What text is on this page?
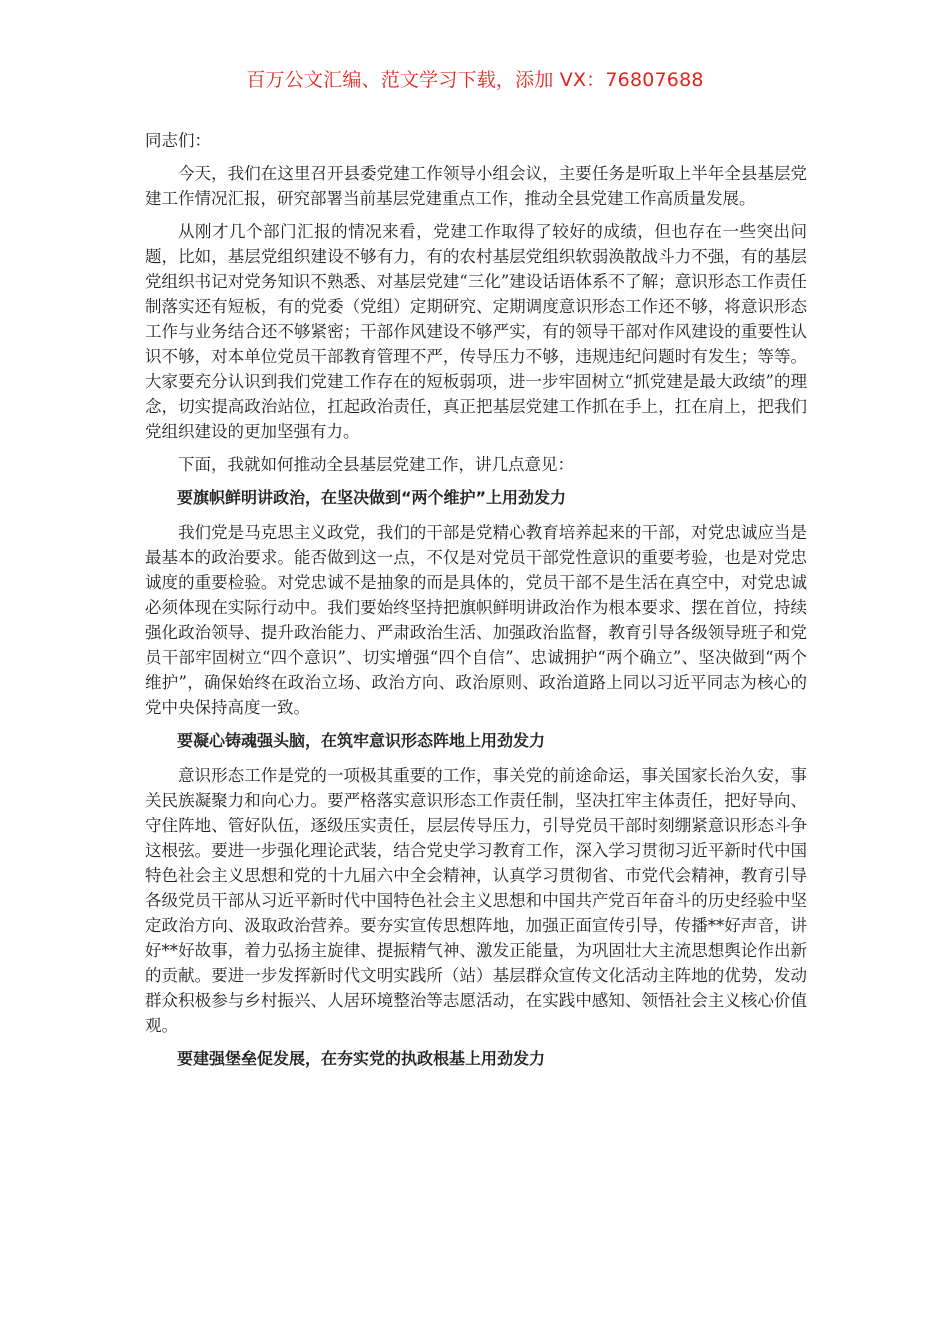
百万公文汇编、范文学习下载，添加 VX：76807688

同志们：

今天，我们在这里召开县委党建工作领导小组会议，主要任务是听取上半年全县基层党建工作情况汇报，研究部署当前基层党建重点工作，推动全县党建工作高质量发展。

从刚才几个部门汇报的情况来看，党建工作取得了较好的成绩，但也存在一些突出问题，比如，基层党组织建设不够有力，有的农村基层党组织软弱涣散战斗力不强，有的基层党组织书记对党务知识不熟悉、对基层党建“三化”建设话语体系不了解；意识形态工作责任制落实还有短板，有的党委（党组）定期研究、定期调度意识形态工作还不够，将意识形态工作与业务结合还不够紧密；干部作风建设不够严实，有的领导干部对作风建设的重要性认识不够，对本单位党员干部教育管理不严，传导压力不够，违规违纪问题时有发生；等等。大家要充分认识到我们党建工作存在的短板弱项，进一步牢固树立“抓党建是最大政绩”的理念，切实提高政治站位，扛起政治责任，真正把基层党建工作抓在手上，扛在肩上，把我们党组织建设的更加坚强有力。

下面，我就如何推动全县基层党建工作，讲几点意见：

要旗帜鲜明讲政治，在坚决做到“两个维护”上用劲发力

我们党是马克思主义政党，我们的干部是党精心教育培养起来的干部，对党忠诚应当是最基本的政治要求。能否做到这一点，不仅是对党员干部党性意识的重要考验，也是对党忠诚度的重要检验。对党忠诚不是抽象的而是具体的，党员干部不是生活在真空中，对党忠诚必须体现在实际行动中。我们要始终坚持把旗帜鲜明讲政治作为根本要求、摆在首位，持续强化政治领导、提升政治能力、严肃政治生活、加强政治监督，教育引导各级领导班子和党员干部牢固树立“四个意识”、切实增强“四个自信”、忠诚拥护“两个确立”、坚决做到“两个维护”，确保始终在政治立场、政治方向、政治原则、政治道路上同以习近平同志为核心的党中央保持高度一致。

要凝心铸魂强头脑，在筑牢意识形态阵地上用劲发力

意识形态工作是党的一项极其重要的工作，事关党的前途命运，事关国家长治久安，事关民族凝聚力和向心力。要严格落实意识形态工作责任制，坚决扛牢主体责任，把好导向、守住阵地、管好队伍，逐级压实责任，层层传导压力，引导党员干部时刻绷紧意识形态斗争这根弦。要进一步强化理论武装，结合党史学习教育工作，深入学习贯彻习近平新时代中国特色社会主义思想和党的十九届六中全会精神，认真学习贯彻省、市党代会精神，教育引导各级党员干部从习近平新时代中国特色社会主义思想和中国共产党百年奋斗的历史经验中坚定政治方向、汲取政治营养。要夯实宣传思想阵地，加强正面宣传引导，传播**好声音，讲好**好故事，着力弘扬主旋律、提振精气神、激发正能量，为巩固壮大主流思想舆论作出新的贡献。要进一步发挥新时代文明实践所（站）基层群众宣传文化活动主阵地的优势，发动群众积极参与乡村振兴、人居环境整治等志愿活动，在实践中感知、领悟社会主义核心价值观。

要建强堡垒促发展，在夯实党的执政根基上用劲发力
